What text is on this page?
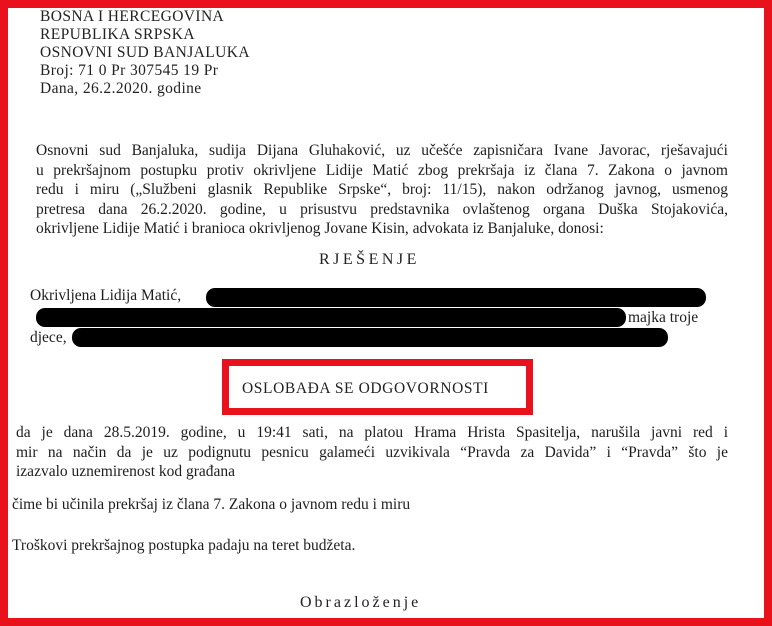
BOSNA I HERCEGOVINA
REPUBLIKA SRPSKA
OSNOVNI SUD BANJALUKA
Broj: 71 0 Pr 307545 19 Pr
Dana, 26.2.2020. godine
Osnovni sud Banjaluka, sudija Dijana Gluhaković, uz učešće zapisničara Ivane Javorac, rješavajući
u prekršajnom postupku protiv okrivljene Lidije Matić zbog prekršaja iz člana 7. Zakona o javnom
redu i miru („Službeni glasnik Republike Srpske“, broj: 11/15), nakon održanog javnog, usmenog
pretresa dana 26.2.2020. godine, u prisustvu predstavnika ovlaštenog organa Duška Stojakovića,
okrivljene Lidije Matić i branioca okrivljenog Jovane Kisin, advokata iz Banjaluke, donosi:
RJEŠENJE
Okrivljena Lidija Matić,
majka troje
djece,
OSLOBAĐA SE ODGOVORNOSTI
da je dana 28.5.2019. godine, u 19:41 sati, na platou Hrama Hrista Spasitelja, narušila javni red i
mir na način da je uz podignutu pesnicu galameći uzvikivala “Pravda za Davida” i “Pravda” što je
izazvalo uznemirenost kod građana
čime bi učinila prekršaj iz člana 7. Zakona o javnom redu i miru
Troškovi prekršajnog postupka padaju na teret budžeta.
Obrazloženje
